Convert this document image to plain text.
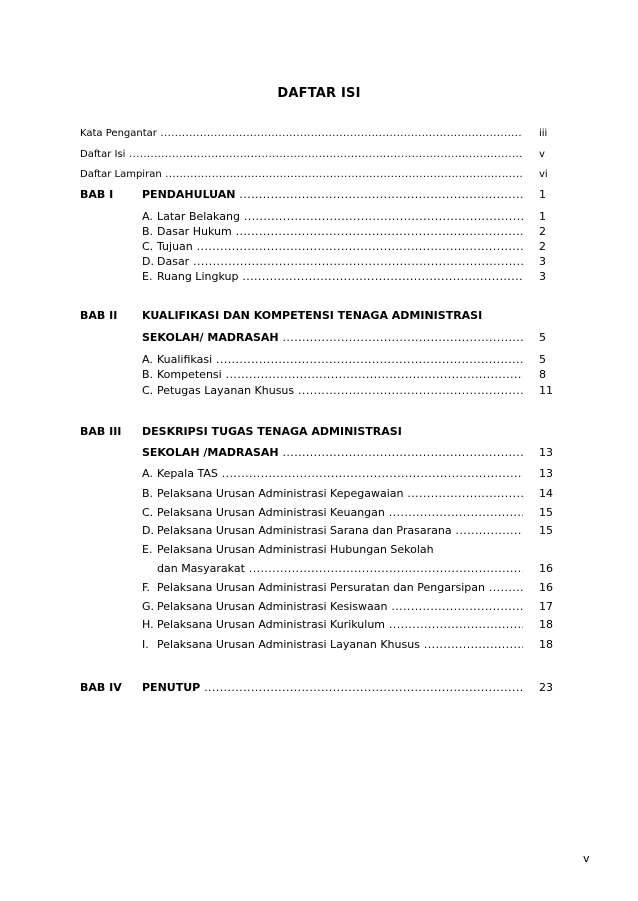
DAFTAR ISI
Kata Pengantar .....	iii
Daftar Isi .....	v
Daftar Lampiran .....	vi
BAB I	PENDAHULUAN .....	1
A. Latar Belakang .....	1
B. Dasar Hukum .....	2
C. Tujuan .....	2
D. Dasar .....	3
E. Ruang Lingkup .....	3
BAB II KUALIFIKASI DAN KOMPETENSI TENAGA ADMINISTRASI
SEKOLAH/ MADRASAH .....	5
A. Kualifikasi .....	5
B. Kompetensi .....	8
C. Petugas Layanan Khusus .....	11
BAB III DESKRIPSI TUGAS TENAGA ADMINISTRASI
SEKOLAH /MADRASAH .....	13
A. Kepala TAS .....	13
B. Pelaksana Urusan Administrasi Kepegawaian .....	14
C. Pelaksana Urusan Administrasi Keuangan .....	15
D. Pelaksana Urusan Administrasi Sarana dan Prasarana .....	15
E. Pelaksana Urusan Administrasi Hubungan Sekolah
dan Masyarakat .....	16
F. Pelaksana Urusan Administrasi Persuratan dan Pengarsipan .....	16
G. Pelaksana Urusan Administrasi Kesiswaan .....	17
H. Pelaksana Urusan Administrasi Kurikulum .....	18
I. Pelaksana Urusan Administrasi Layanan Khusus .....	18
BAB IV PENUTUP .....	23
v
